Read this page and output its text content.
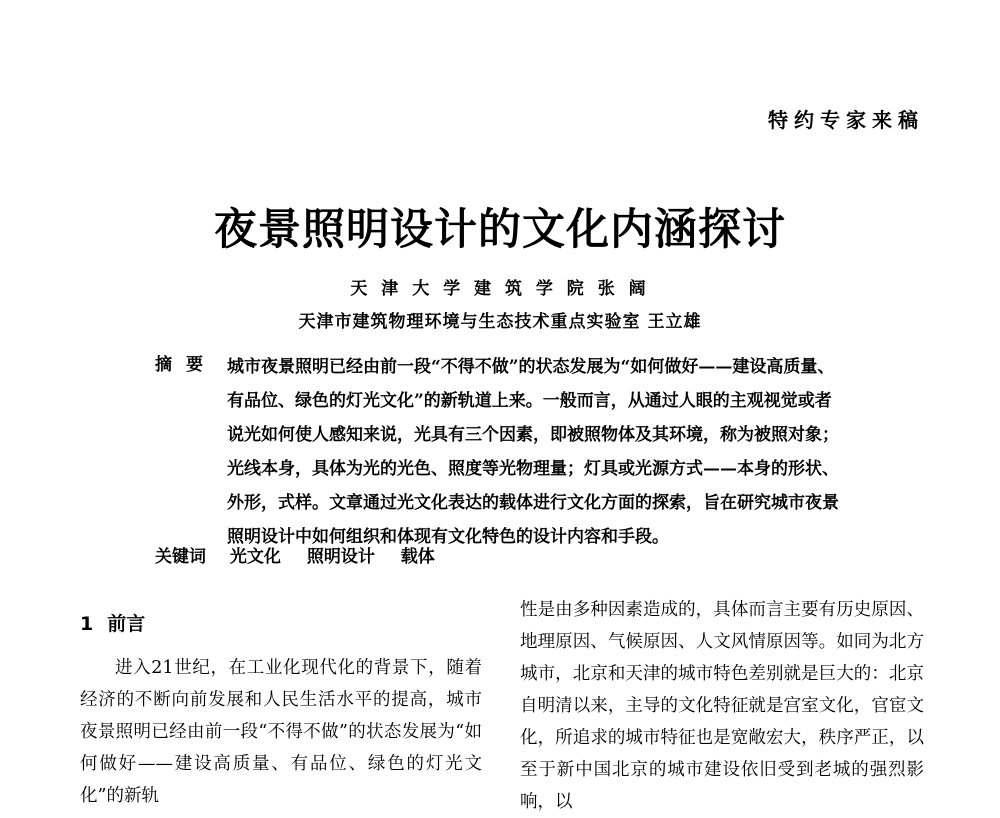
特约专家来稿
夜景照明设计的文化内涵探讨
天 津 大 学 建 筑 学 院 张 阔
天津市建筑物理环境与生态技术重点实验室 王立雄
摘要 城市夜景照明已经由前一段“不得不做”的状态发展为“如何做好——建设高质量、有品位、绿色的灯光文化”的新轨道上来。一般而言，从通过人眼的主观视觉或者说光如何使人感知来说，光具有三个因素，即被照物体及其环境，称为被照对象；光线本身，具体为光的光色、照度等光物理量；灯具或光源方式——本身的形状、外形，式样。文章通过光文化表达的载体进行文化方面的探索，旨在研究城市夜景照明设计中如何组织和体现有文化特色的设计内容和手段。
关键词 光文化 照明设计 载体
1 前言
进入21世纪，在工业化现代化的背景下，随着经济的不断向前发展和人民生活水平的提高，城市夜景照明已经由前一段“不得不做”的状态发展为“如何做好——建设高质量、有品位、绿色的灯光文化”的新轨
性是由多种因素造成的，具体而言主要有历史原因、地理原因、气候原因、人文风情原因等。如同为北方城市，北京和天津的城市特色差别就是巨大的：北京自明清以来，主导的文化特征就是宫室文化，官宦文化，所追求的城市特征也是宽敞宏大，秩序严正，以至于新中国北京的城市建设依旧受到老城的强烈影响，以
